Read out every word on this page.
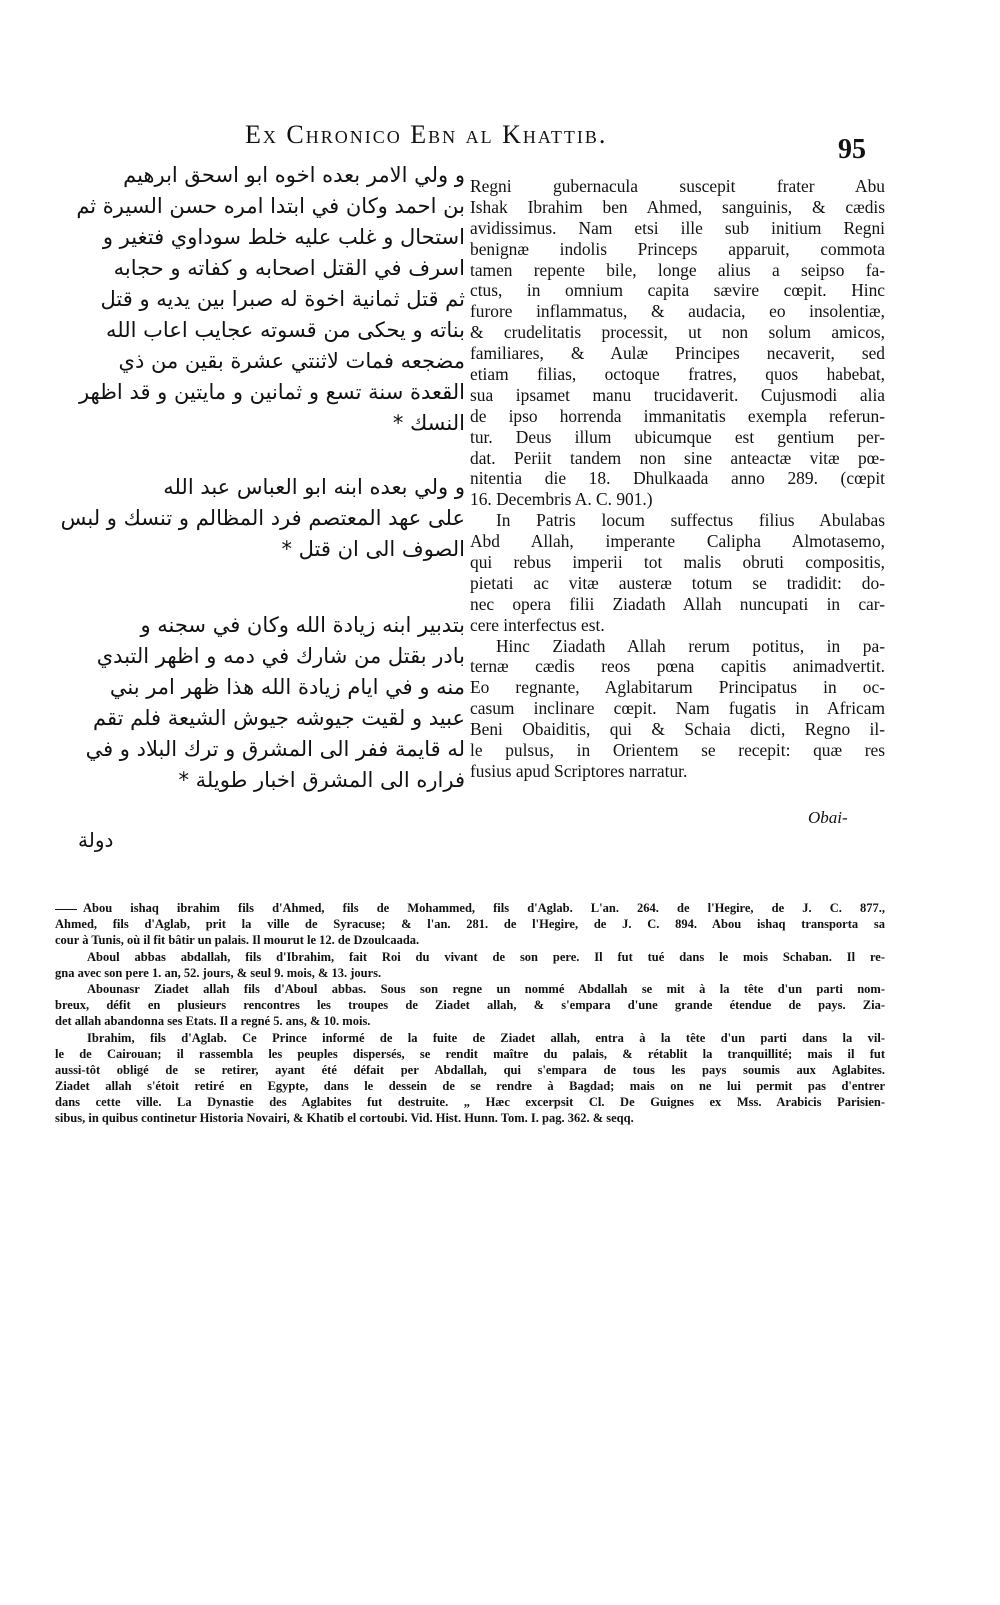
Ex Chronico Ebn al Khattib.	95
و ولي الامر بعده اخوه ابو اسحق ابرهيم
بن احمد وكان في ابتدا امره حسن السيرة ثم
استحال و غلب عليه خلط سوداوي فتغير و
اسرف في القتل اصحابه و كفاته و حجابه
ثم قتل ثمانية اخوة له صبرا بين يديه و قتل
بناته و يحكى من قسوته عجايب اعاب الله
مضجعه فمات لاثنتي عشرة بقين من ذي
القعدة سنة تسع و ثمانين و مايتين و قد اظهر
النسك *
و ولي بعده ابنه ابو العباس عبد الله
على عهد المعتصم فرد المظالم و تنسك و لبس
الصوف الى ان قتل *
بتدبير ابنه زيادة الله وكان في سجنه و
بادر بقتل من شارك في دمه و اظهر التبدي
منه و في ايام زيادة الله هذا ظهر امر بني
عبيد و لقيت جيوشه جيوش الشيعة فلم تقم
له قايمة ففر الى المشرق و ترك البلاد و في
فراره الى المشرق اخبار طويلة *
دولة
Regni gubernacula suscepit frater Abu
Ishak Ibrahim ben Ahmed, sanguinis, & cædis
avidissimus. Nam etsi ille sub initium Regni
benignæ indolis Princeps apparuit, commota
tamen repente bile, longe alius a seipso fa-
ctus, in omnium capita sævire cœpit. Hinc
furore inflammatus, & audacia, eo insolentiæ,
& crudelitatis processit, ut non solum amicos,
familiares, & Aulæ Principes necaverit, sed
etiam filias, octoque fratres, quos habebat,
sua ipsamet manu trucidaverit. Cujusmodi alia
de ipso horrenda immanitatis exempla referun-
tur. Deus illum ubicumque est gentium per-
dat. Periit tandem non sine anteactæ vitæ pœ-
nitentia die 18. Dhulkaada anno 289. (cœpit
16. Decembris A. C. 901.)
In Patris locum suffectus filius Abulabas
Abd Allah, imperante Calipha Almotasemo,
qui rebus imperii tot malis obruti compositis,
pietati ac vitæ austeræ totum se tradidit: do-
nec opera filii Ziadath Allah nuncupati in car-
cere interfectus est.
Hinc Ziadath Allah rerum potitus, in pa-
ternæ cædis reos pœna capitis animadvertit.
Eo regnante, Aglabitarum Principatus in oc-
casum inclinare cœpit. Nam fugatis in Africam
Beni Obaiditis, qui & Schaia dicti, Regno il-
le pulsus, in Orientem se recepit: quæ res
fusius apud Scriptores narratur.
Obai-
Abou ishaq ibrahim fils d'Ahmed, fils de Mohammed, fils d'Aglab. L'an. 264. de l'Hegire, de J. C. 877.,
Ahmed, fils d'Aglab, prit la ville de Syracuse; & l'an. 281. de l'Hegire, de J. C. 894. Abou ishaq transporta sa
cour à Tunis, où il fit bâtir un palais. Il mourut le 12. de Dzoulcaada.
Aboul abbas abdallah, fils d'Ibrahim, fait Roi du vivant de son pere. Il fut tué dans le mois Schaban. Il re-
gna avec son pere 1. an, 52. jours, & seul 9. mois, & 13. jours.
Abounasr Ziadet allah fils d'Aboul abbas. Sous son regne un nommé Abdallah se mit à la tête d'un parti nom-
breux, défit en plusieurs rencontres les troupes de Ziadet allah, & s'empara d'une grande étendue de pays. Zia-
det allah abandonna ses Etats. Il a regné 5. ans, & 10. mois.
Ibrahim, fils d'Aglab. Ce Prince informé de la fuite de Ziadet allah, entra à la tête d'un parti dans la vil-
le de Cairouan; il rassembla les peuples dispersés, se rendit maître du palais, & rétablit la tranquillité; mais il fut
aussi-tôt obligé de se retirer, ayant été défait per Abdallah, qui s'empara de tous les pays soumis aux Aglabites.
Ziadet allah s'étoit retiré en Egypte, dans le dessein de se rendre à Bagdad; mais on ne lui permit pas d'entrer
dans cette ville. La Dynastie des Aglabites fut destruite. „ Hæc excerpsit Cl. De Guignes ex Mss. Arabicis Parisien-
sibus, in quibus continetur Historia Novairi, & Khatib el cortoubi. Vid. Hist. Hunn. Tom. I. pag. 362. & seqq.
